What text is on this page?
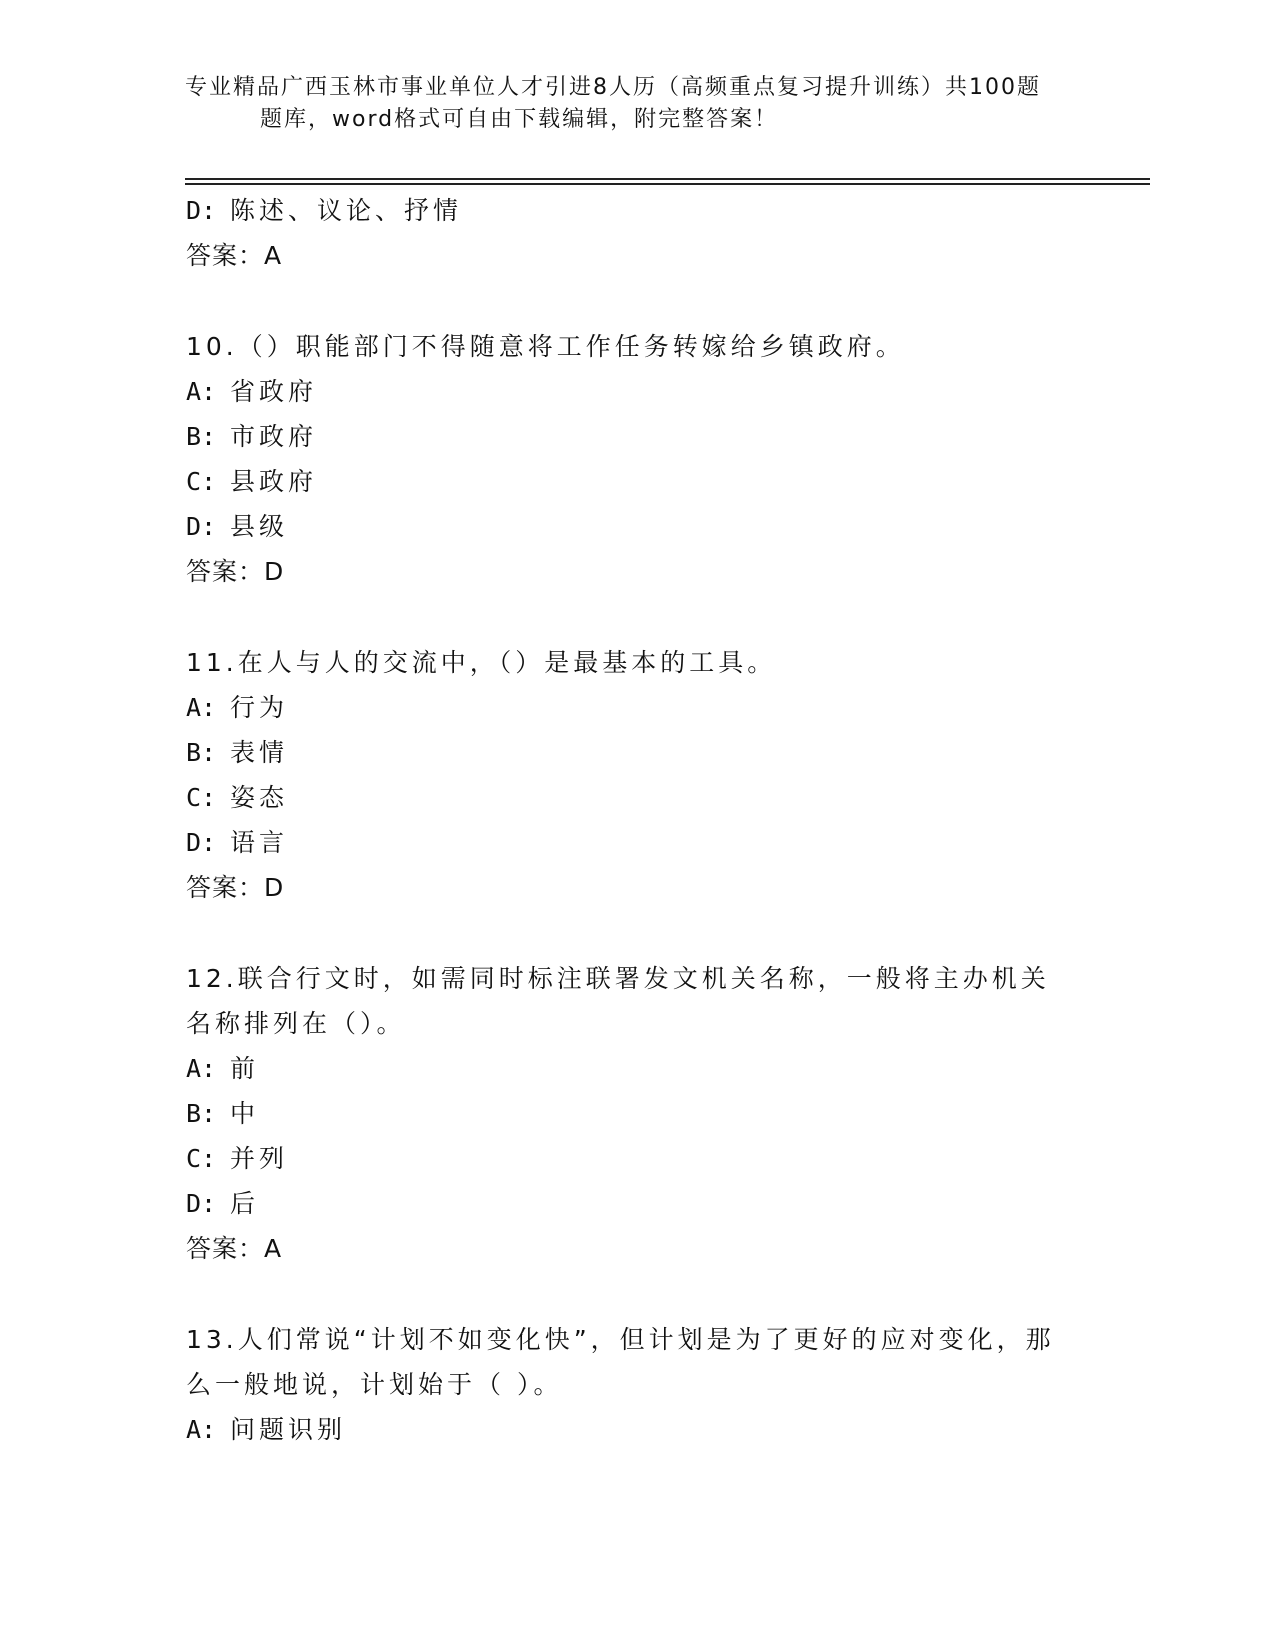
专业精品广西玉林市事业单位人才引进8人历（高频重点复习提升训练）共100题
题库，word格式可自由下载编辑，附完整答案！
D: 陈述、议论、抒情
答案：A
10.（）职能部门不得随意将工作任务转嫁给乡镇政府。
A: 省政府
B: 市政府
C: 县政府
D: 县级
答案：D
11.在人与人的交流中，（）是最基本的工具。
A: 行为
B: 表情
C: 姿态
D: 语言
答案：D
12.联合行文时，如需同时标注联署发文机关名称，一般将主办机关名称排列在（）。
A: 前
B: 中
C: 并列
D: 后
答案：A
13.人们常说“计划不如变化快”，但计划是为了更好的应对变化，那么一般地说，计划始于（ ）。
A: 问题识别
